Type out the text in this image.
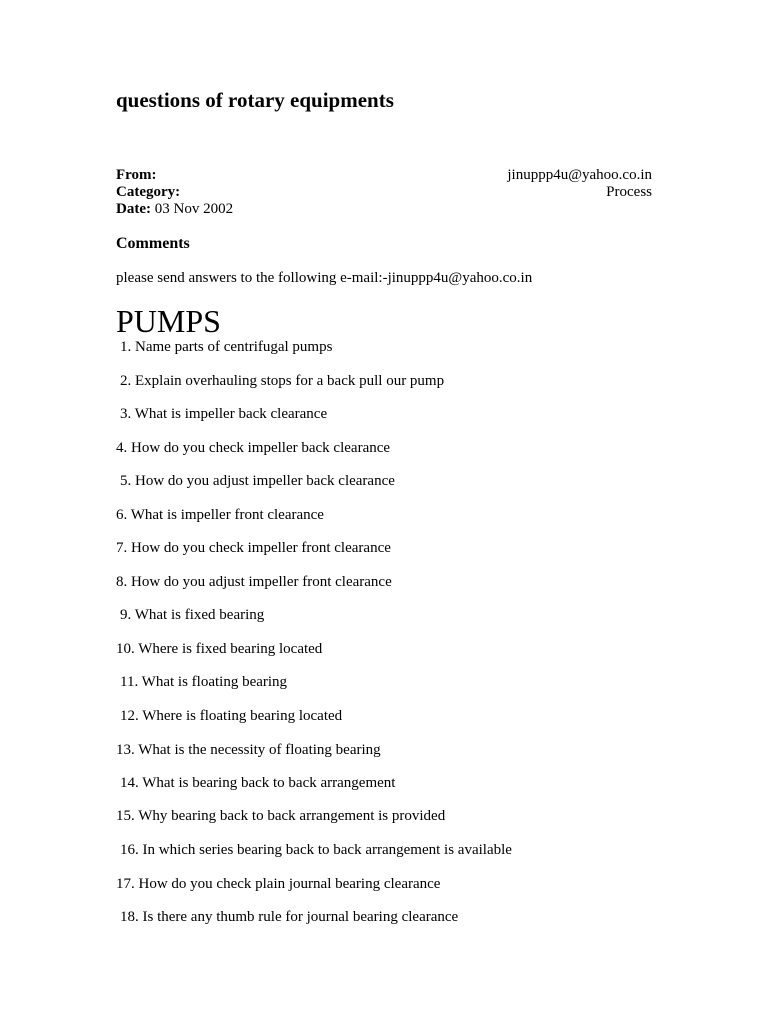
questions of rotary equipments
From:	jinuppp4u@yahoo.co.in
Category:	Process
Date:
03 Nov 2002
Comments
please send answers to the following e-mail:-jinuppp4u@yahoo.co.in
PUMPS
1. Name parts of centrifugal pumps
2. Explain overhauling stops for a back pull our pump
3. What is impeller back clearance
4. How do you check impeller back clearance
5. How do you adjust impeller back clearance
6. What is impeller front clearance
7. How do you check impeller front clearance
8. How do you adjust impeller front clearance
9. What is fixed bearing
10. Where is fixed bearing located
11. What is floating bearing
12. Where is floating bearing located
13. What is the necessity of floating bearing
14. What is bearing back to back arrangement
15. Why bearing back to back arrangement is provided
16. In which series bearing back to back arrangement is available
17. How do you check plain journal bearing clearance
18. Is there any thumb rule for journal bearing clearance
